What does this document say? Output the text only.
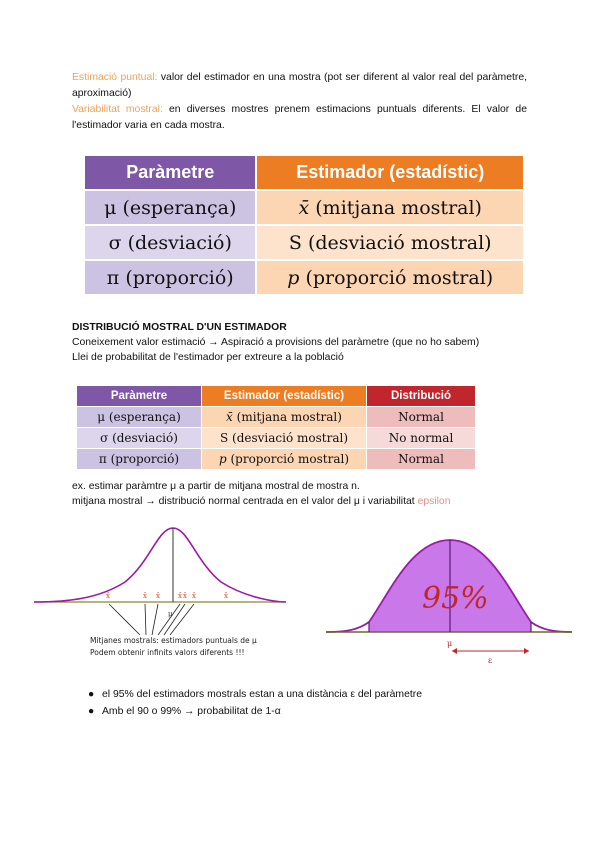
Estimació puntual: valor del estimador en una mostra (pot ser diferent al valor real del paràmetre, aproximació)
Variabilitat mostral: en diverses mostres prenem estimacions puntuals diferents. El valor de l'estimador varia en cada mostra.
Paràmetre	Estimador (estadístic)
μ (esperança)	x̄ (mitjana mostral)
σ (desviació)	S (desviació mostral)
π (proporció)	p (proporció mostral)
DISTRIBUCIÓ MOSTRAL D'UN ESTIMADOR
Coneixement valor estimació → Aspiració a provisions del paràmetre (que no ho sabem)
Llei de probabilitat de l'estimador per extreure a la població
Paràmetre	Estimador (estadístic)	Distribució
μ (esperança)	x̄ (mitjana mostral)	Normal
σ (desviació)	S (desviació mostral)	No normal
π (proporció)	p (proporció mostral)	Normal
ex. estimar paràmtre μ a partir de mitjana mostral de mostra n.
mitjana mostral → distribució normal centrada en el valor del μ i variabilitat epsilon
x̄	x̄ x̄	x̄ x̄ x̄	x̄
μ
Mitjanes mostrals: estimadors puntuals de μ
Podem obtenir infinits valors diferents !!!
95%
μ
ε
● el 95% del estimadors mostrals estan a una distància ε del paràmetre
● Amb el 90 o 99% → probabilitat de 1-α
